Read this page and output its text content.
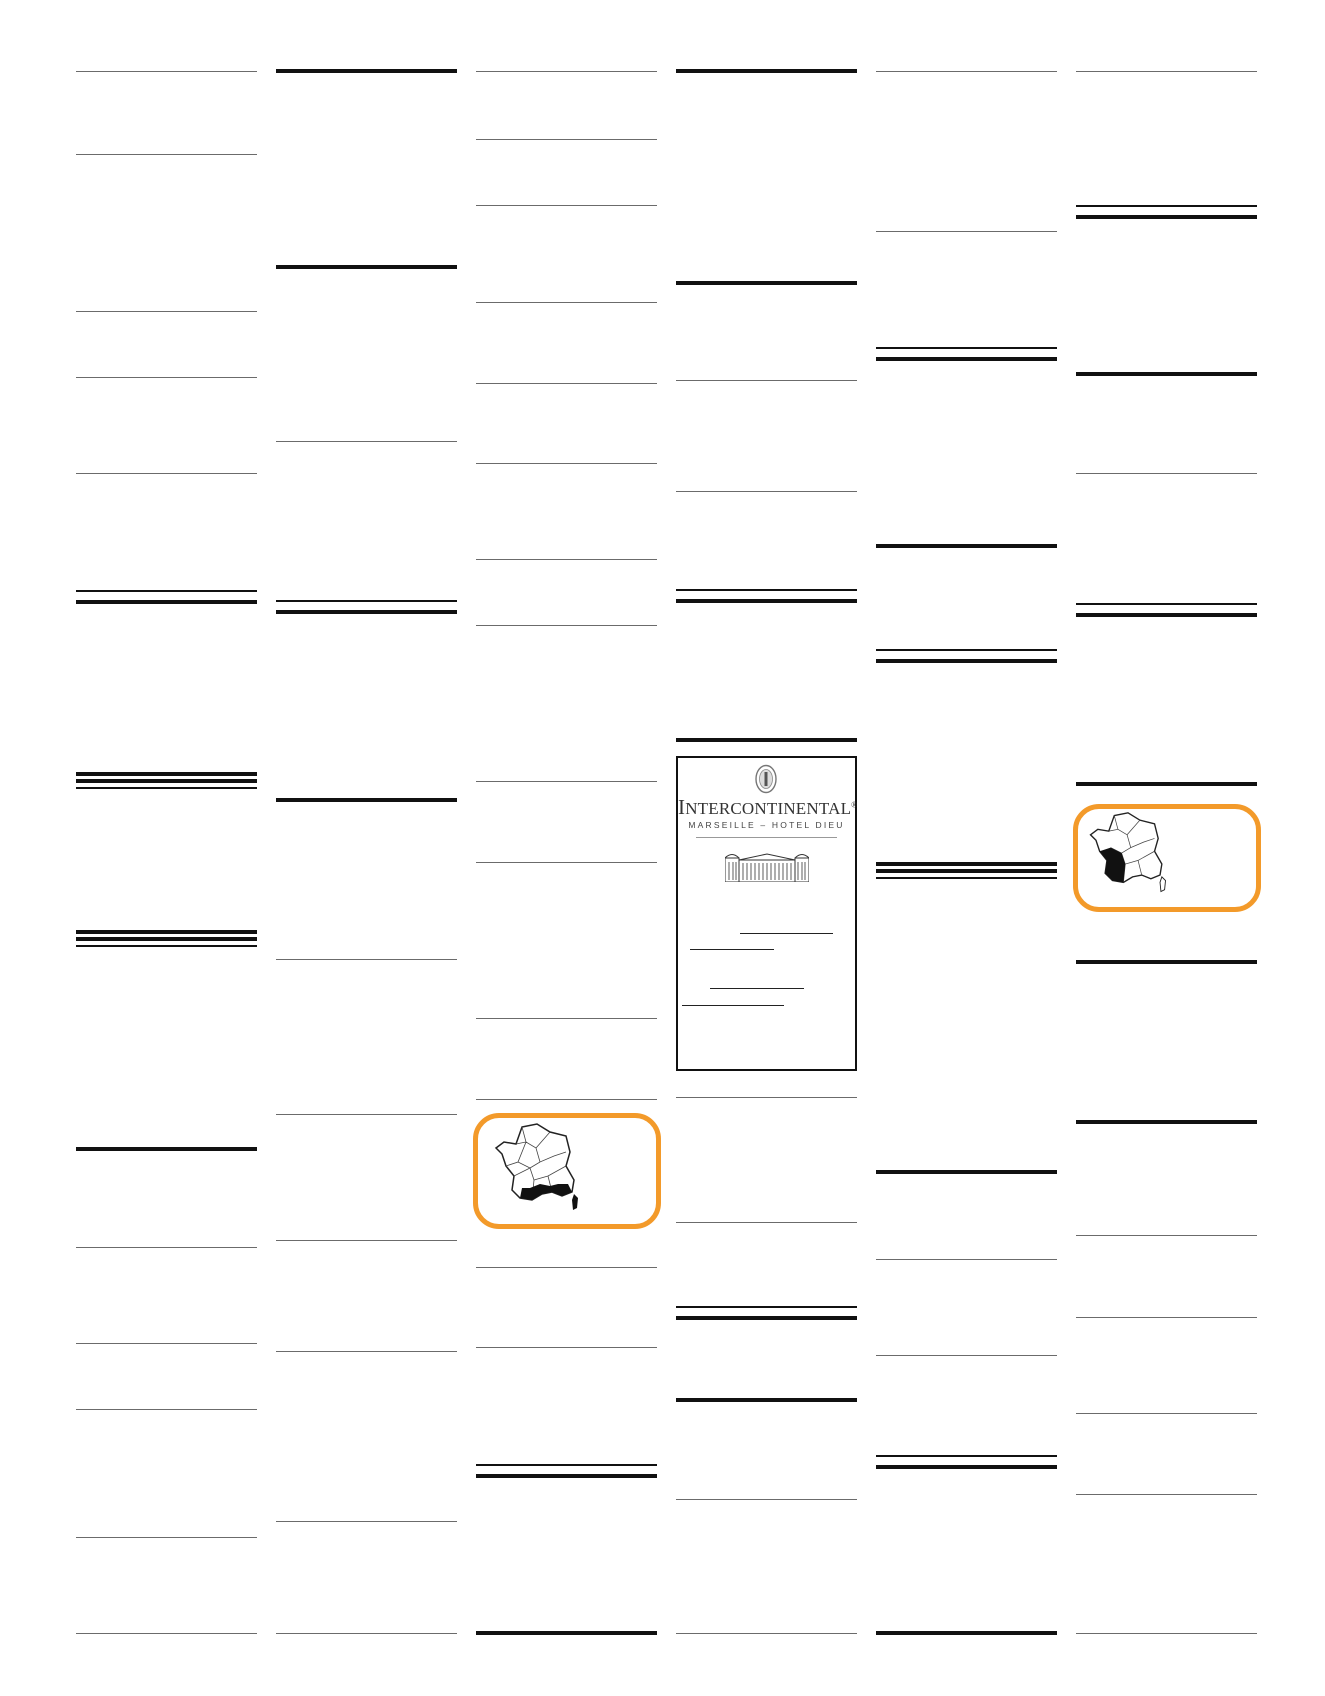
INTERCONTINENTAL®
MARSEILLE – HOTEL DIEU
